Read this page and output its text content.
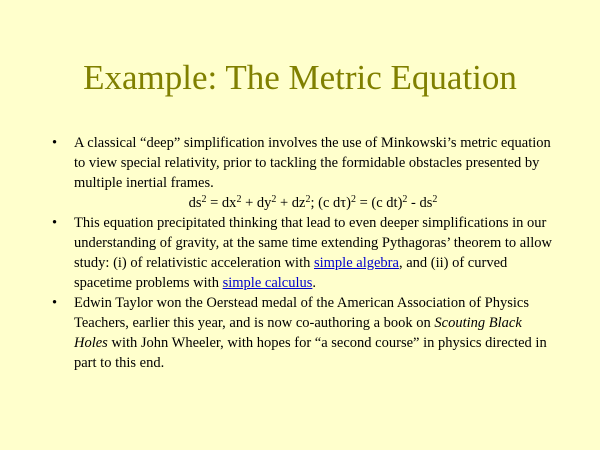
Example: The Metric Equation
• A classical “deep” simplification involves the use of Minkowski’s metric equation to view special relativity, prior to tackling the formidable obstacles presented by multiple inertial frames.
$ds^2 = dx^2 + dy^2 + dz^2$; (c dτ)$^2$ = (c $dt)^2 - ds^2$
• This equation precipitated thinking that lead to even deeper simplifications in our understanding of gravity, at the same time extending Pythagoras’ theorem to allow study: (i) of relativistic acceleration with simple algebra, and (ii) of curved spacetime problems with simple calculus.
• Edwin Taylor won the Oerstead medal of the American Association of Physics Teachers, earlier this year, and is now co-authoring a book on Scouting Black Holes with John Wheeler, with hopes for “a second course” in physics directed in part to this end.
